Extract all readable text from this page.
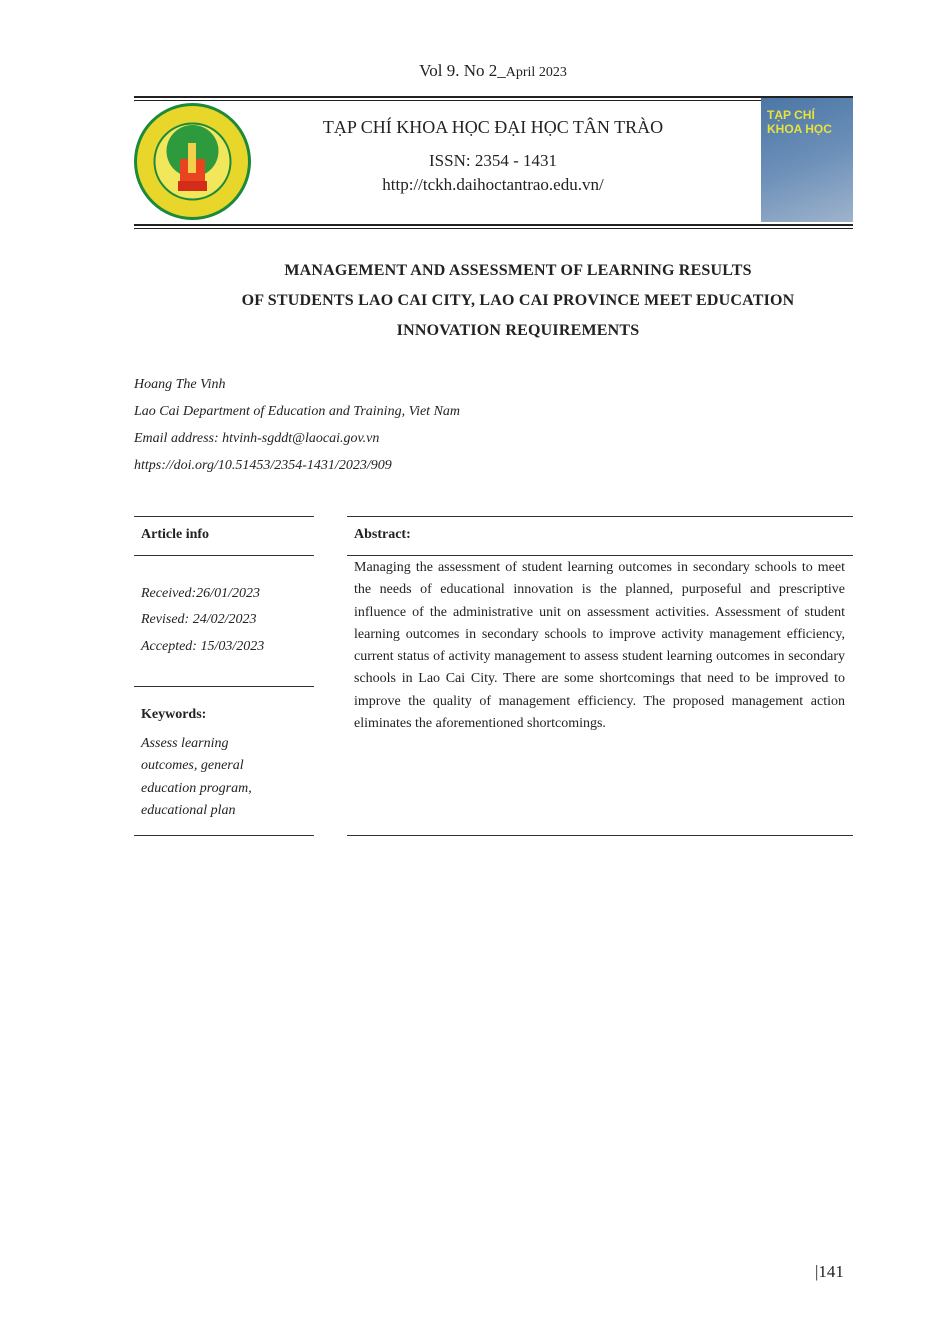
Vol 9. No 2_April 2023
TẠP CHÍ KHOA HỌC ĐẠI HỌC TÂN TRÀO
ISSN: 2354 - 1431
http://tckh.daihoctantrao.edu.vn/
TẠP CHÍ
KHOA HỌC
MANAGEMENT AND ASSESSMENT OF LEARNING RESULTS
OF STUDENTS LAO CAI CITY, LAO CAI PROVINCE MEET EDUCATION
INNOVATION REQUIREMENTS
Hoang The Vinh
Lao Cai Department of Education and Training, Viet Nam
Email address: htvinh-sgddt@laocai.gov.vn
https://doi.org/10.51453/2354-1431/2023/909
Article info	Abstract:
Received:26/01/2023
Revised: 24/02/2023
Accepted: 15/03/2023
Keywords:
Assess learning
outcomes, general
education program,
educational plan
Managing the assessment of student learning outcomes in secondary schools to meet the needs of educational innovation is the planned, purposeful and prescriptive influence of the administrative unit on assessment activities. Assessment of student learning outcomes in secondary schools to improve activity management efficiency, current status of activity management to assess student learning outcomes in secondary schools in Lao Cai City. There are some shortcomings that need to be improved to improve the quality of management efficiency. The proposed management action eliminates the aforementioned shortcomings.
|141
